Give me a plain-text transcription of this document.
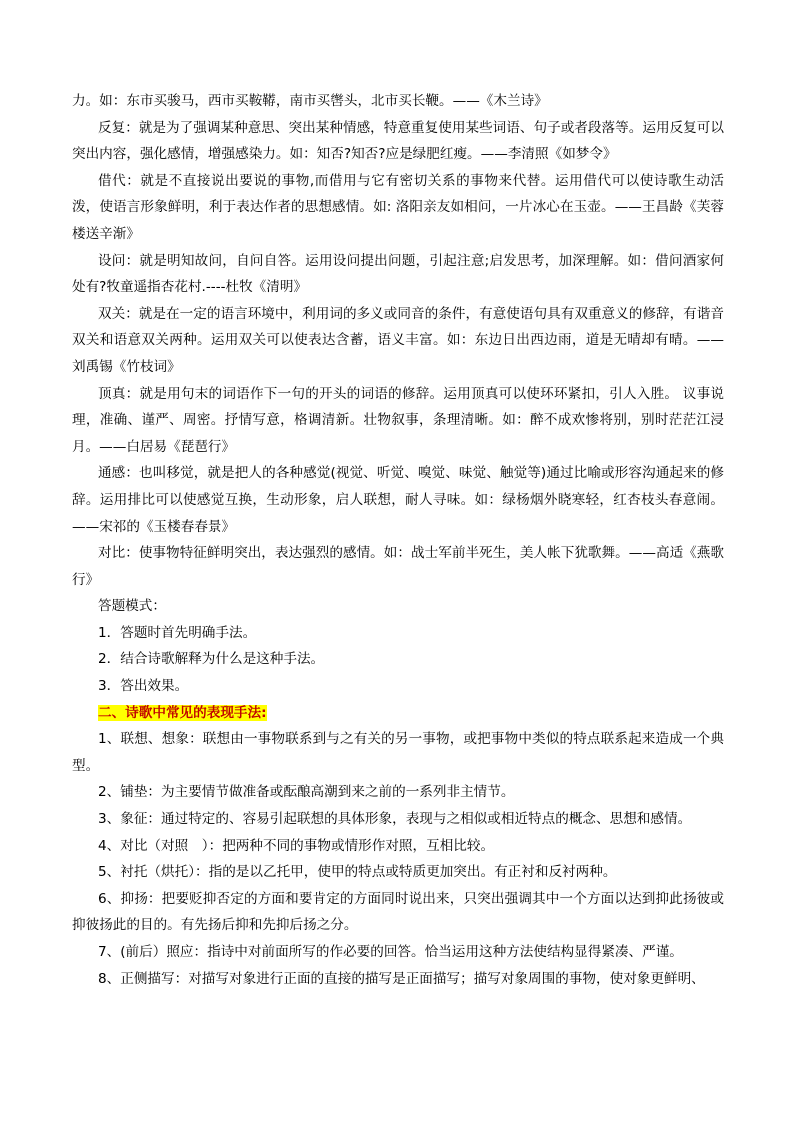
力。如：东市买骏马，西市买鞍鞯，南市买辔头，北市买长鞭。——《木兰诗》

反复：就是为了强调某种意思、突出某种情感，特意重复使用某些词语、句子或者段落等。运用反复可以突出内容，强化感情，增强感染力。如：知否?知否?应是绿肥红瘦。——李清照《如梦令》

借代：就是不直接说出要说的事物,而借用与它有密切关系的事物来代替。运用借代可以使诗歌生动活泼，使语言形象鲜明，利于表达作者的思想感情。如: 洛阳亲友如相问，一片冰心在玉壶。——王昌龄《芙蓉楼送辛渐》

设问：就是明知故问，自问自答。运用设问提出问题，引起注意;启发思考，加深理解。如：借问酒家何处有?牧童遥指杏花村.----杜牧《清明》

双关：就是在一定的语言环境中，利用词的多义或同音的条件，有意使语句具有双重意义的修辞，有谐音双关和语意双关两种。运用双关可以使表达含蓄，语义丰富。如：东边日出西边雨，道是无晴却有晴。——刘禹锡《竹枝词》

顶真：就是用句末的词语作下一句的开头的词语的修辞。运用顶真可以使环环紧扣，引人入胜。 议事说理，准确、谨严、周密。抒情写意，格调清新。壮物叙事，条理清晰。如：醉不成欢惨将别，别时茫茫江浸月。——白居易《琵琶行》

通感：也叫移觉，就是把人的各种感觉(视觉、听觉、嗅觉、味觉、触觉等)通过比喻或形容沟通起来的修辞。运用排比可以使感觉互换，生动形象，启人联想，耐人寻味。如：绿杨烟外晓寒轻，红杏枝头春意闹。——宋祁的《玉楼春春景》

对比：使事物特征鲜明突出，表达强烈的感情。如：战士军前半死生，美人帐下犹歌舞。——高适《燕歌行》

答题模式：

1．答题时首先明确手法。

2．结合诗歌解释为什么是这种手法。

3．答出效果。

二、诗歌中常见的表现手法:

1、联想、想象：联想由一事物联系到与之有关的另一事物，或把事物中类似的特点联系起来造成一个典型。

2、铺垫：为主要情节做准备或酝酿高潮到来之前的一系列非主情节。

3、象征：通过特定的、容易引起联想的具体形象，表现与之相似或相近特点的概念、思想和感情。

4、对比（对照　）：把两种不同的事物或情形作对照，互相比较。

5、衬托（烘托）：指的是以乙托甲，使甲的特点或特质更加突出。有正衬和反衬两种。

6、抑扬：把要贬抑否定的方面和要肯定的方面同时说出来，只突出强调其中一个方面以达到抑此扬彼或抑彼扬此的目的。有先扬后抑和先抑后扬之分。

7、(前后）照应：指诗中对前面所写的作必要的回答。恰当运用这种方法使结构显得紧凑、严谨。

8、正侧描写：对描写对象进行正面的直接的描写是正面描写；描写对象周围的事物，使对象更鲜明、
